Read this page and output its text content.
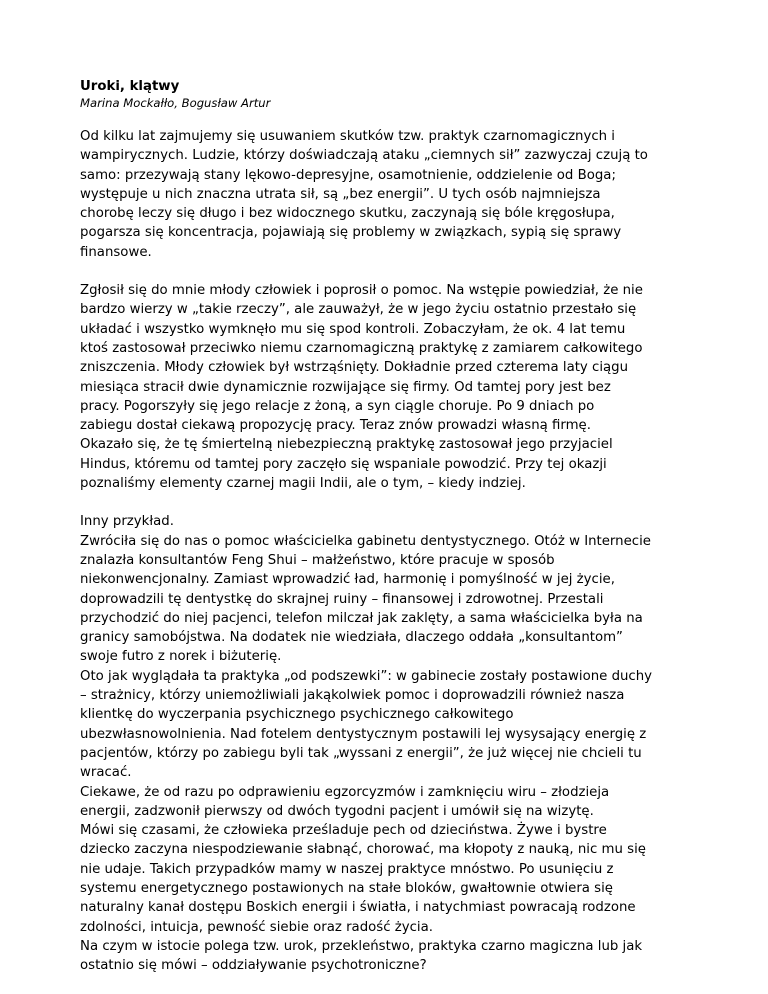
Uroki, klątwy
Marina Mockałło, Bogusław Artur
Od kilku lat zajmujemy się usuwaniem skutków tzw. praktyk czarnomagicznych i
wampirycznych. Ludzie, którzy doświadczają ataku „ciemnych sił” zazwyczaj czują to
samo: przezywają stany lękowo-depresyjne, osamotnienie, oddzielenie od Boga;
występuje u nich znaczna utrata sił, są „bez energii”. U tych osób najmniejsza
chorobę leczy się długo i bez widocznego skutku, zaczynają się bóle kręgosłupa,
pogarsza się koncentracja, pojawiają się problemy w związkach, sypią się sprawy
finansowe.
Zgłosił się do mnie młody człowiek i poprosił o pomoc. Na wstępie powiedział, że nie
bardzo wierzy w „takie rzeczy”, ale zauważył, że w jego życiu ostatnio przestało się
układać i wszystko wymknęło mu się spod kontroli. Zobaczyłam, że ok. 4 lat temu
ktoś zastosował przeciwko niemu czarnomagiczną praktykę z zamiarem całkowitego
zniszczenia. Młody człowiek był wstrząśnięty. Dokładnie przed czterema laty ciągu
miesiąca stracił dwie dynamicznie rozwijające się firmy. Od tamtej pory jest bez
pracy. Pogorszyły się jego relacje z żoną, a syn ciągle choruje. Po 9 dniach po
zabiegu dostał ciekawą propozycję pracy. Teraz znów prowadzi własną firmę.
Okazało się, że tę śmiertelną niebezpieczną praktykę zastosował jego przyjaciel
Hindus, któremu od tamtej pory zaczęło się wspaniale powodzić. Przy tej okazji
poznaliśmy elementy czarnej magii Indii, ale o tym, – kiedy indziej.
Inny przykład.
Zwróciła się do nas o pomoc właścicielka gabinetu dentystycznego. Otóż w Internecie
znalazła konsultantów Feng Shui – małżeństwo, które pracuje w sposób
niekonwencjonalny. Zamiast wprowadzić ład, harmonię i pomyślność w jej życie,
doprowadzili tę dentystkę do skrajnej ruiny – finansowej i zdrowotnej. Przestali
przychodzić do niej pacjenci, telefon milczał jak zaklęty, a sama właścicielka była na
granicy samobójstwa. Na dodatek nie wiedziała, dlaczego oddała „konsultantom”
swoje futro z norek i biżuterię.
Oto jak wyglądała ta praktyka „od podszewki”: w gabinecie zostały postawione duchy
– strażnicy, którzy uniemożliwiali jakąkolwiek pomoc i doprowadzili również nasza
klientkę do wyczerpania psychicznego psychicznego całkowitego
ubezwłasnowolnienia. Nad fotelem dentystycznym postawili lej wysysający energię z
pacjentów, którzy po zabiegu byli tak „wyssani z energii”, że już więcej nie chcieli tu
wracać.
Ciekawe, że od razu po odprawieniu egzorcyzmów i zamknięciu wiru – złodzieja
energii, zadzwonił pierwszy od dwóch tygodni pacjent i umówił się na wizytę.
Mówi się czasami, że człowieka prześladuje pech od dzieciństwa. Żywe i bystre
dziecko zaczyna niespodziewanie słabnąć, chorować, ma kłopoty z nauką, nic mu się
nie udaje. Takich przypadków mamy w naszej praktyce mnóstwo. Po usunięciu z
systemu energetycznego postawionych na stałe bloków, gwałtownie otwiera się
naturalny kanał dostępu Boskich energii i światła, i natychmiast powracają rodzone
zdolności, intuicja, pewność siebie oraz radość życia.
Na czym w istocie polega tzw. urok, przekleństwo, praktyka czarno magiczna lub jak
ostatnio się mówi – oddziaływanie psychotroniczne?
